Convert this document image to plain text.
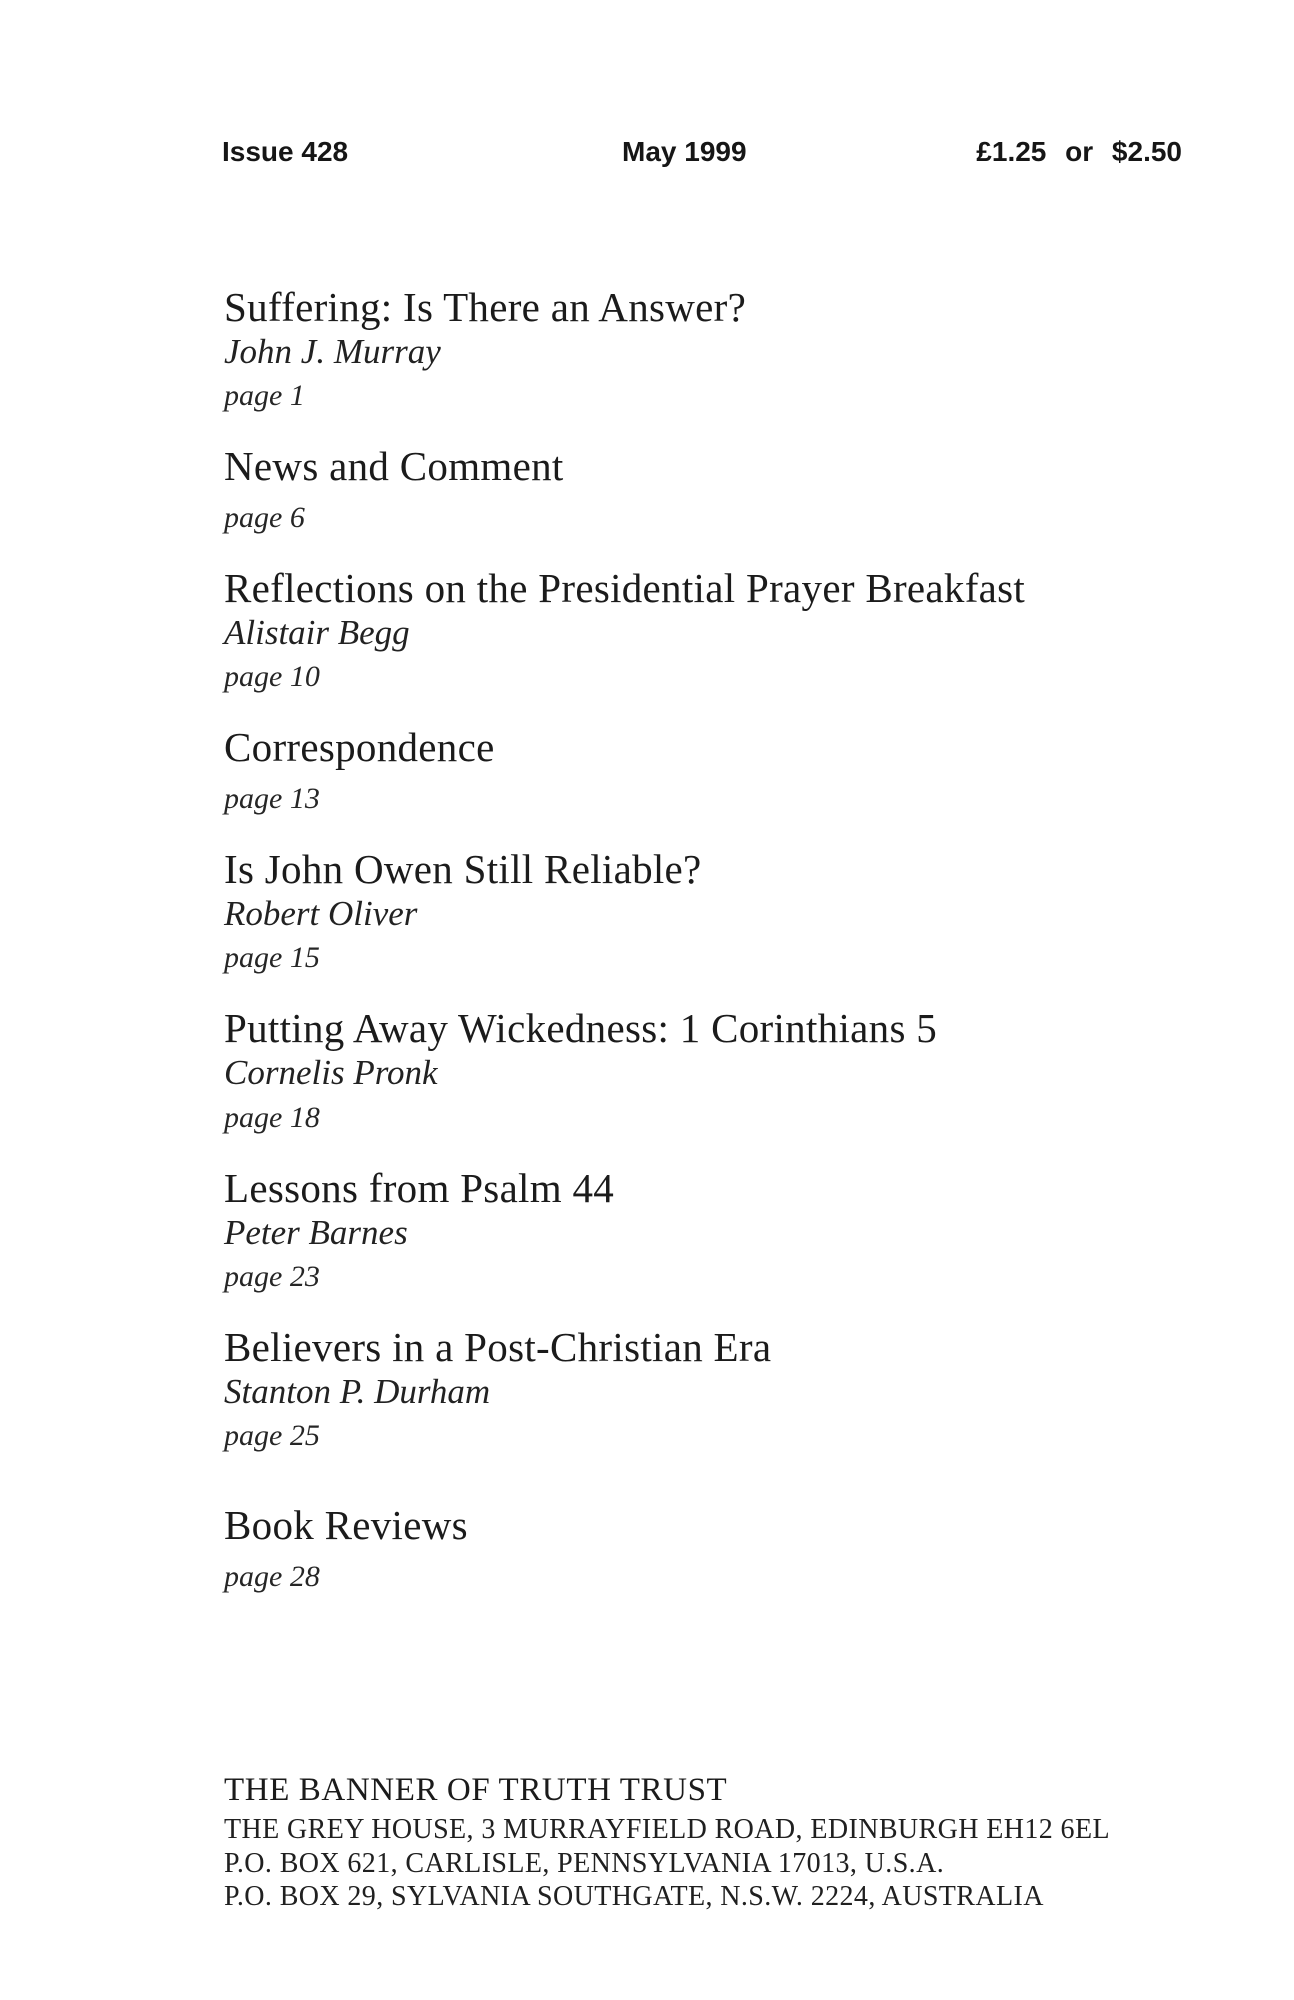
Issue 428	May 1999	£1.25 or $2.50
Suffering: Is There an Answer?
John J. Murray
page 1
News and Comment
page 6
Reflections on the Presidential Prayer Breakfast
Alistair Begg
page 10
Correspondence
page 13
Is John Owen Still Reliable?
Robert Oliver
page 15
Putting Away Wickedness: 1 Corinthians 5
Cornelis Pronk
page 18
Lessons from Psalm 44
Peter Barnes
page 23
Believers in a Post-Christian Era
Stanton P. Durham
page 25
Book Reviews
page 28
THE BANNER OF TRUTH TRUST
THE GREY HOUSE, 3 MURRAYFIELD ROAD, EDINBURGH EH12 6EL
P.O. BOX 621, CARLISLE, PENNSYLVANIA 17013, U.S.A.
P.O. BOX 29, SYLVANIA SOUTHGATE, N.S.W. 2224, AUSTRALIA
